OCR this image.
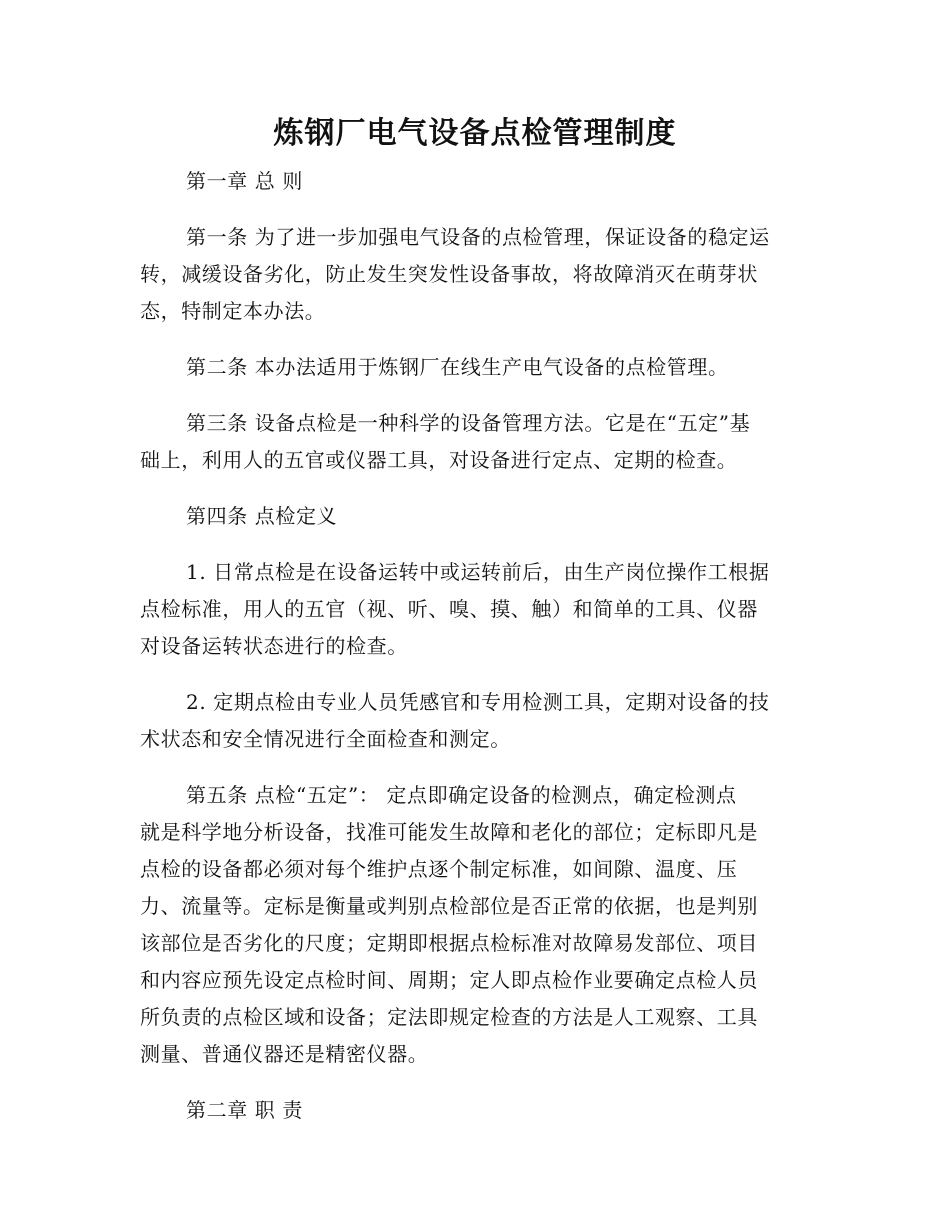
炼钢厂电气设备点检管理制度
第一章 总 则
第一条 为了进一步加强电气设备的点检管理，保证设备的稳定运
转，减缓设备劣化，防止发生突发性设备事故，将故障消灭在萌芽状
态，特制定本办法。
第二条 本办法适用于炼钢厂在线生产电气设备的点检管理。
第三条 设备点检是一种科学的设备管理方法。它是在“五定”基
础上，利用人的五官或仪器工具，对设备进行定点、定期的检查。
第四条 点检定义
1. 日常点检是在设备运转中或运转前后，由生产岗位操作工根据
点检标准，用人的五官（视、听、嗅、摸、触）和简单的工具、仪器
对设备运转状态进行的检查。
2. 定期点检由专业人员凭感官和专用检测工具，定期对设备的技
术状态和安全情况进行全面检查和测定。
第五条 点检“五定”： 定点即确定设备的检测点，确定检测点
就是科学地分析设备，找准可能发生故障和老化的部位；定标即凡是
点检的设备都必须对每个维护点逐个制定标准，如间隙、温度、压
力、流量等。定标是衡量或判别点检部位是否正常的依据，也是判别
该部位是否劣化的尺度；定期即根据点检标准对故障易发部位、项目
和内容应预先设定点检时间、周期；定人即点检作业要确定点检人员
所负责的点检区域和设备；定法即规定检查的方法是人工观察、工具
测量、普通仪器还是精密仪器。
第二章 职 责
